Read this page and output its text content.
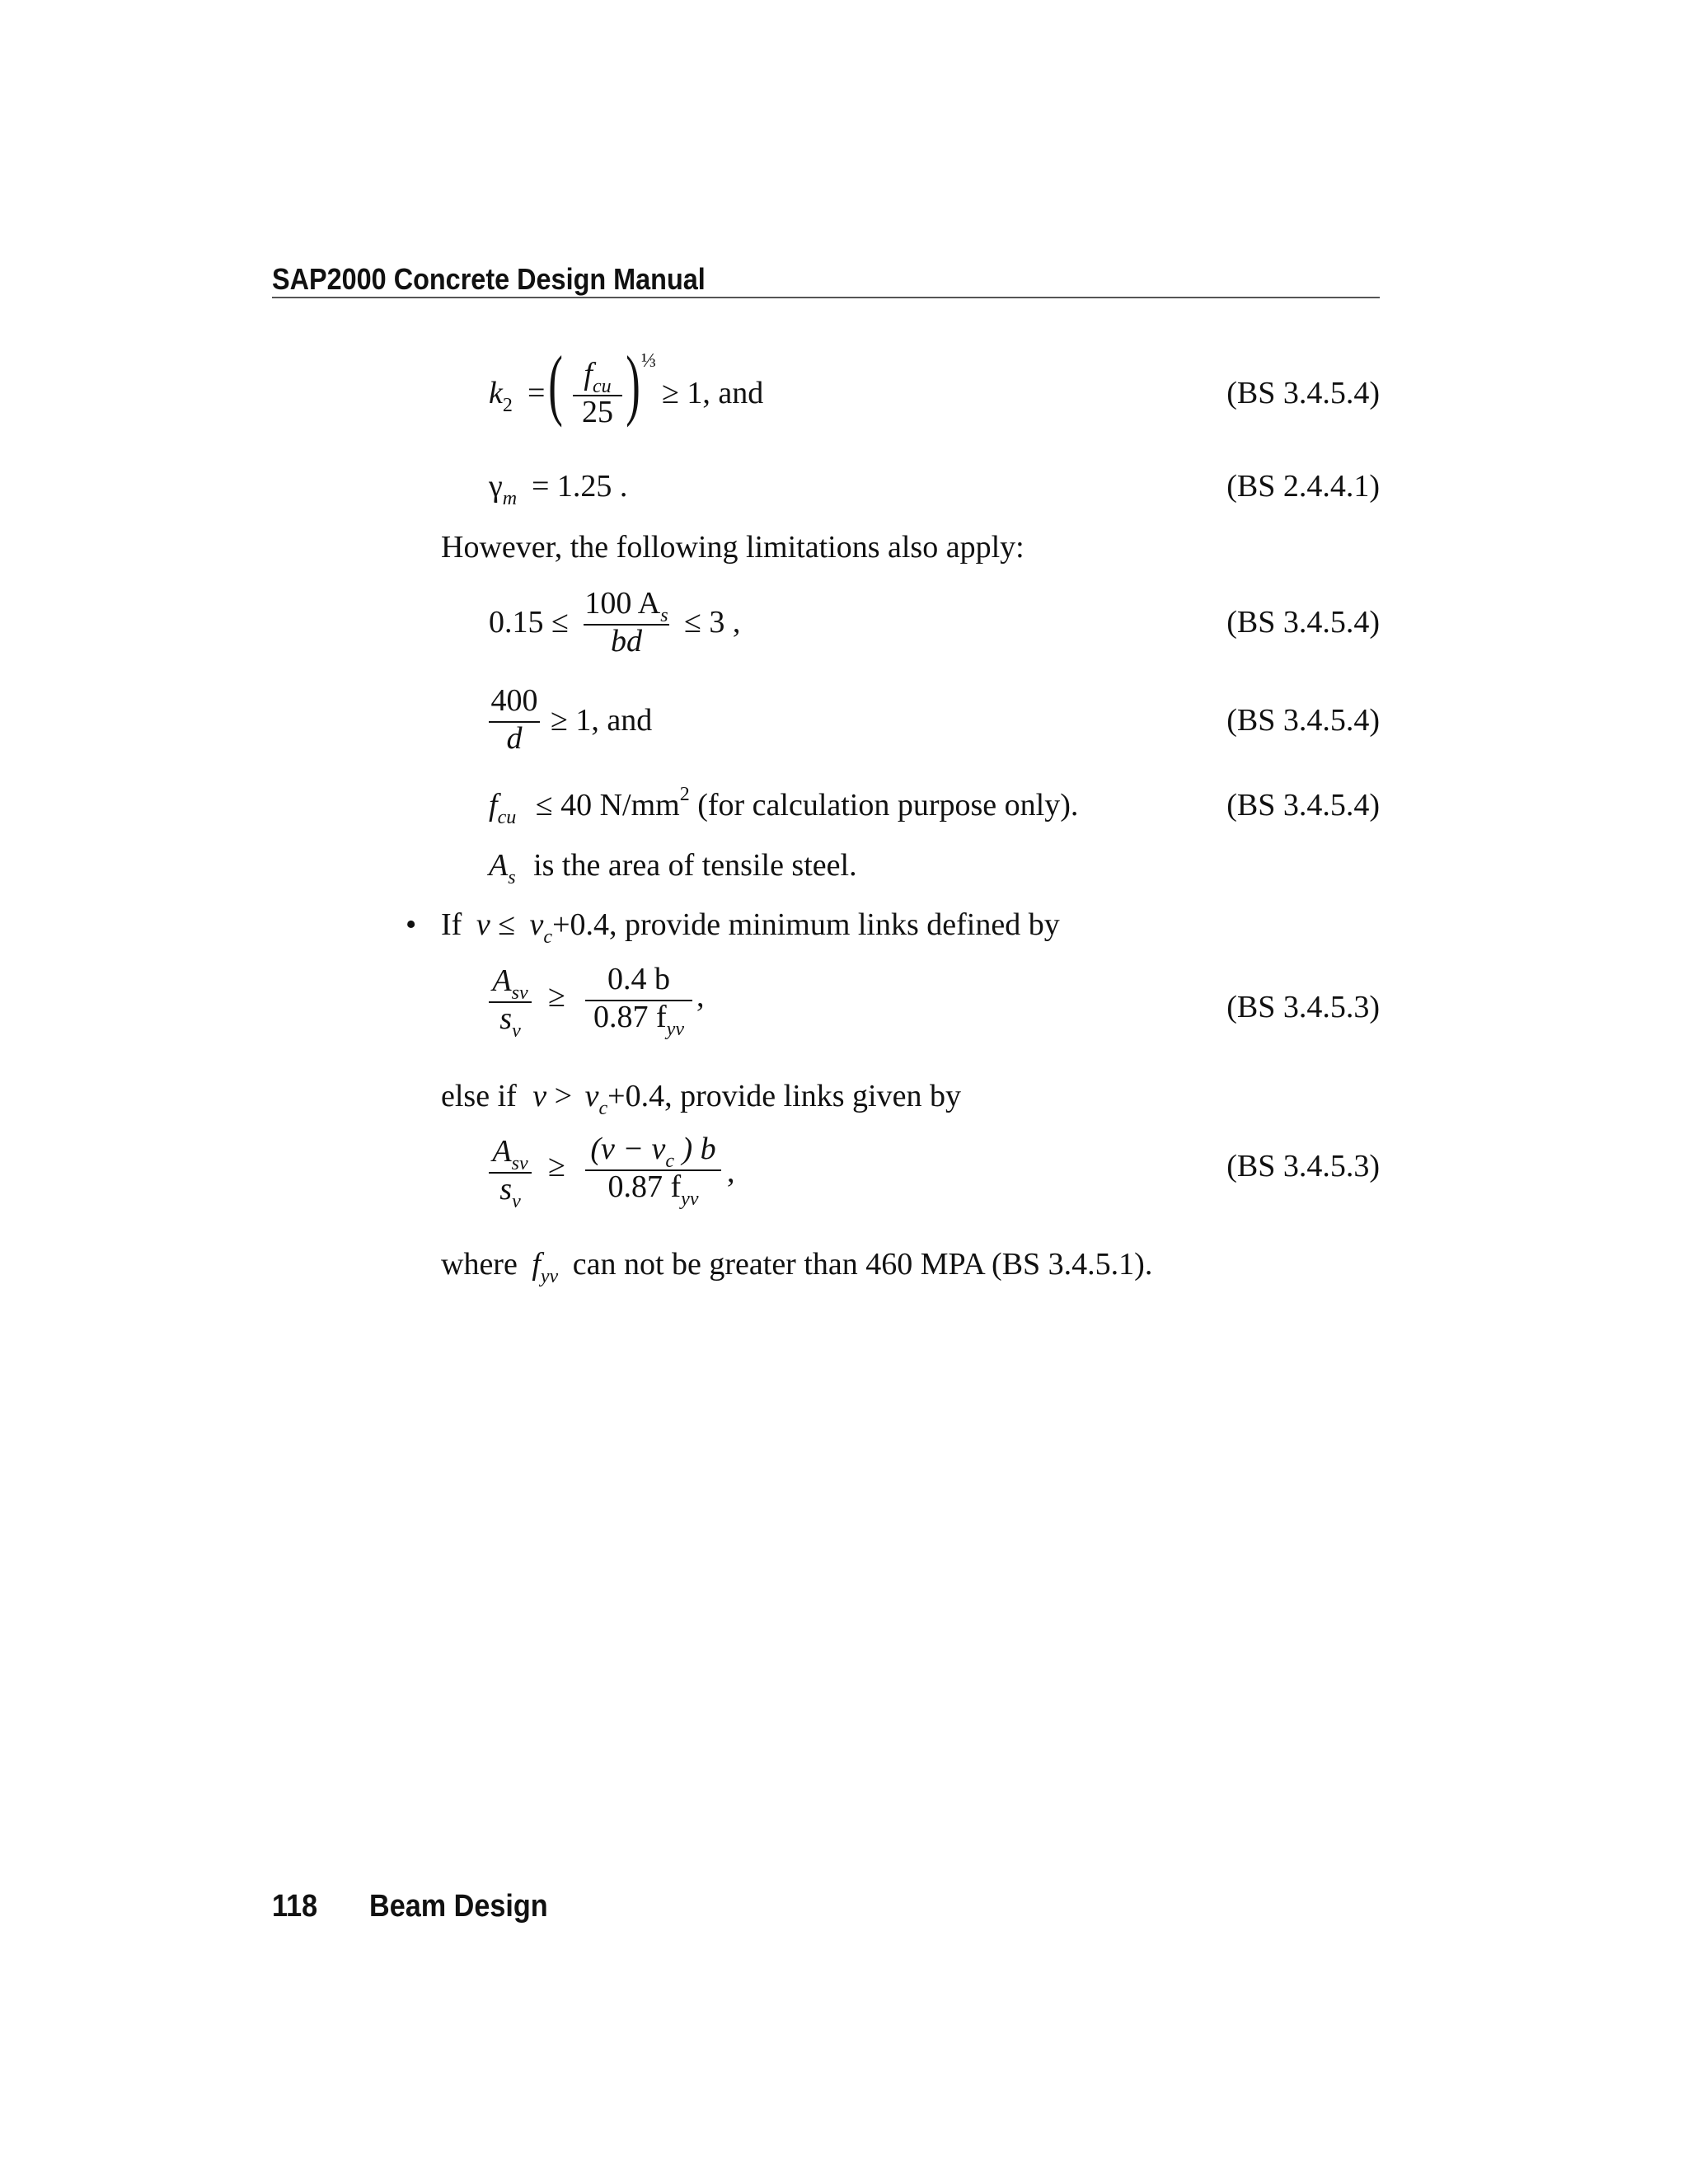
SAP2000 Concrete Design Manual
$k_2$ = ( $f_{cu}$
25 ) ⅓
≥ 1, and	(BS 3.4.5.4)
$\gamma_m = 1.25$ .	(BS 2.4.4.1)
However, the following limitations also apply:
0.15 ≤
100 $A_s$
bd
≤ 3 ,	(BS 3.4.5.4)
400
d
≥ 1, and	(BS 3.4.5.4)
$f_{cu} \le 40$ $N/mm^2$ (for calculation purpose only).	(BS 3.4.5.4)
$A_s$ is the area of tensile steel.
• If $v \le v_c+0.4$, provide minimum links defined by
$A_{sv}$
$s_v$
≥	0.4 b
0.87 $f_{yv}$
,	(BS 3.4.5.3)
else if $v > v_c+0.4$, provide links given by
$A_{sv}$
$s_v$
≥ ($v - v_c$ ) b
0.87 $f_{yv}$
,	(BS 3.4.5.3)
where $f_{yv}$ can not be greater than 460 MPA (BS 3.4.5.1).
118 Beam Design
